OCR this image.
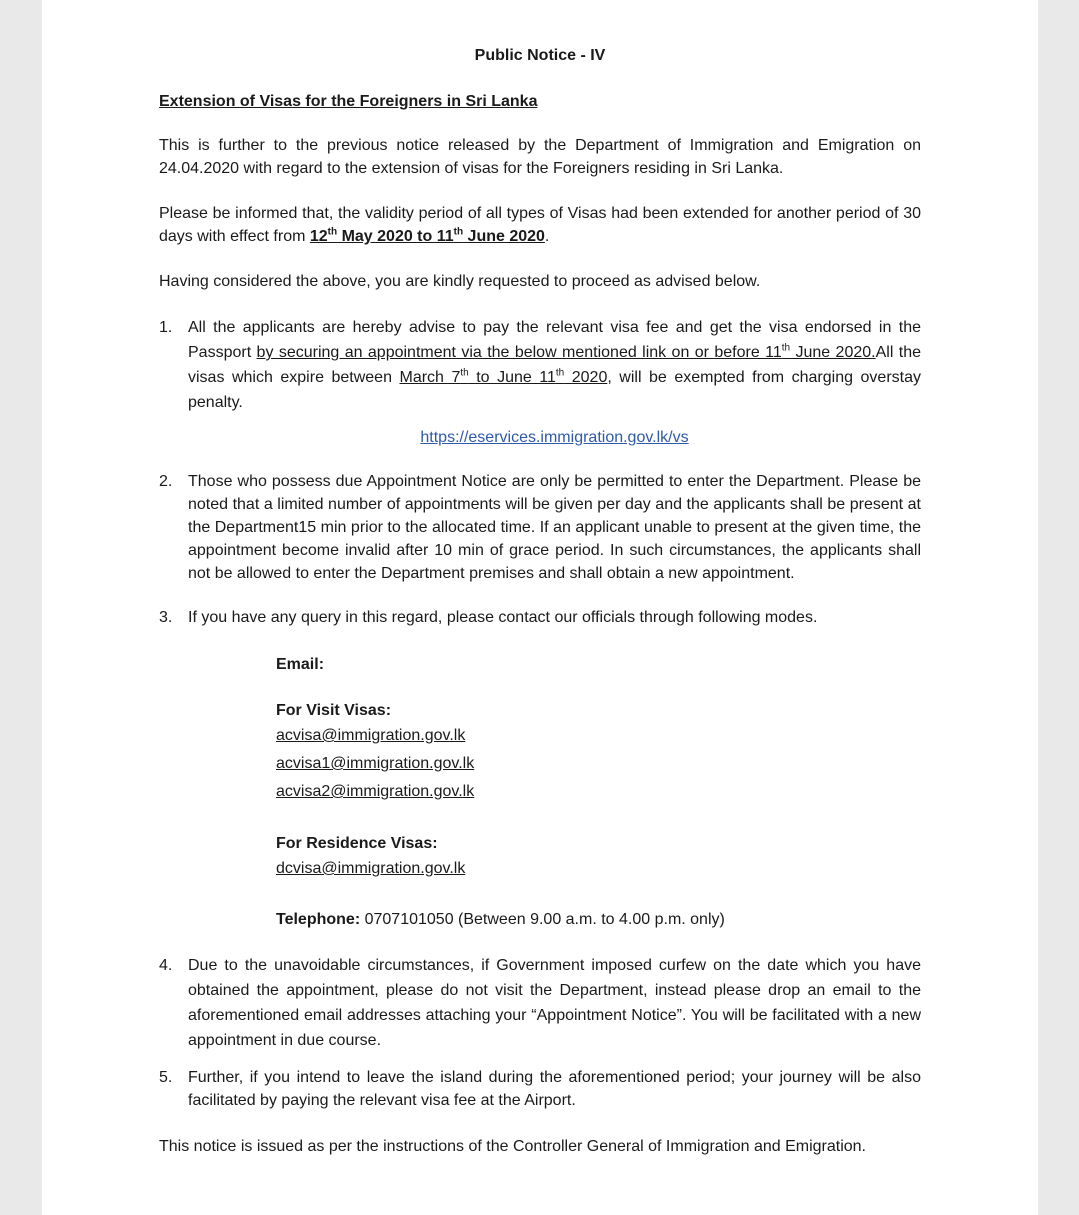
Public Notice - IV
Extension of Visas for the Foreigners in Sri Lanka

This is further to the previous notice released by the Department of Immigration and Emigration on 24.04.2020 with regard to the extension of visas for the Foreigners residing in Sri Lanka.

Please be informed that, the validity period of all types of Visas had been extended for another period of 30 days with effect from 12th May 2020 to 11th June 2020.

Having considered the above, you are kindly requested to proceed as advised below.

1. All the applicants are hereby advise to pay the relevant visa fee and get the visa endorsed in the Passport by securing an appointment via the below mentioned link on or before 11th June 2020.All the visas which expire between March 7th to June 11th 2020, will be exempted from charging overstay penalty.
https://eservices.immigration.gov.lk/vs
2. Those who possess due Appointment Notice are only be permitted to enter the Department. Please be noted that a limited number of appointments will be given per day and the applicants shall be present at the Department15 min prior to the allocated time. If an applicant unable to present at the given time, the appointment become invalid after 10 min of grace period. In such circumstances, the applicants shall not be allowed to enter the Department premises and shall obtain a new appointment.
3. If you have any query in this regard, please contact our officials through following modes.
Email:
For Visit Visas:
acvisa@immigration.gov.lk
acvisa1@immigration.gov.lk
acvisa2@immigration.gov.lk
For Residence Visas:
dcvisa@immigration.gov.lk
Telephone: 0707101050 (Between 9.00 a.m. to 4.00 p.m. only)
4. Due to the unavoidable circumstances, if Government imposed curfew on the date which you have obtained the appointment, please do not visit the Department, instead please drop an email to the aforementioned email addresses attaching your “Appointment Notice”. You will be facilitated with a new appointment in due course.
5. Further, if you intend to leave the island during the aforementioned period; your journey will be also facilitated by paying the relevant visa fee at the Airport.

This notice is issued as per the instructions of the Controller General of Immigration and Emigration.
